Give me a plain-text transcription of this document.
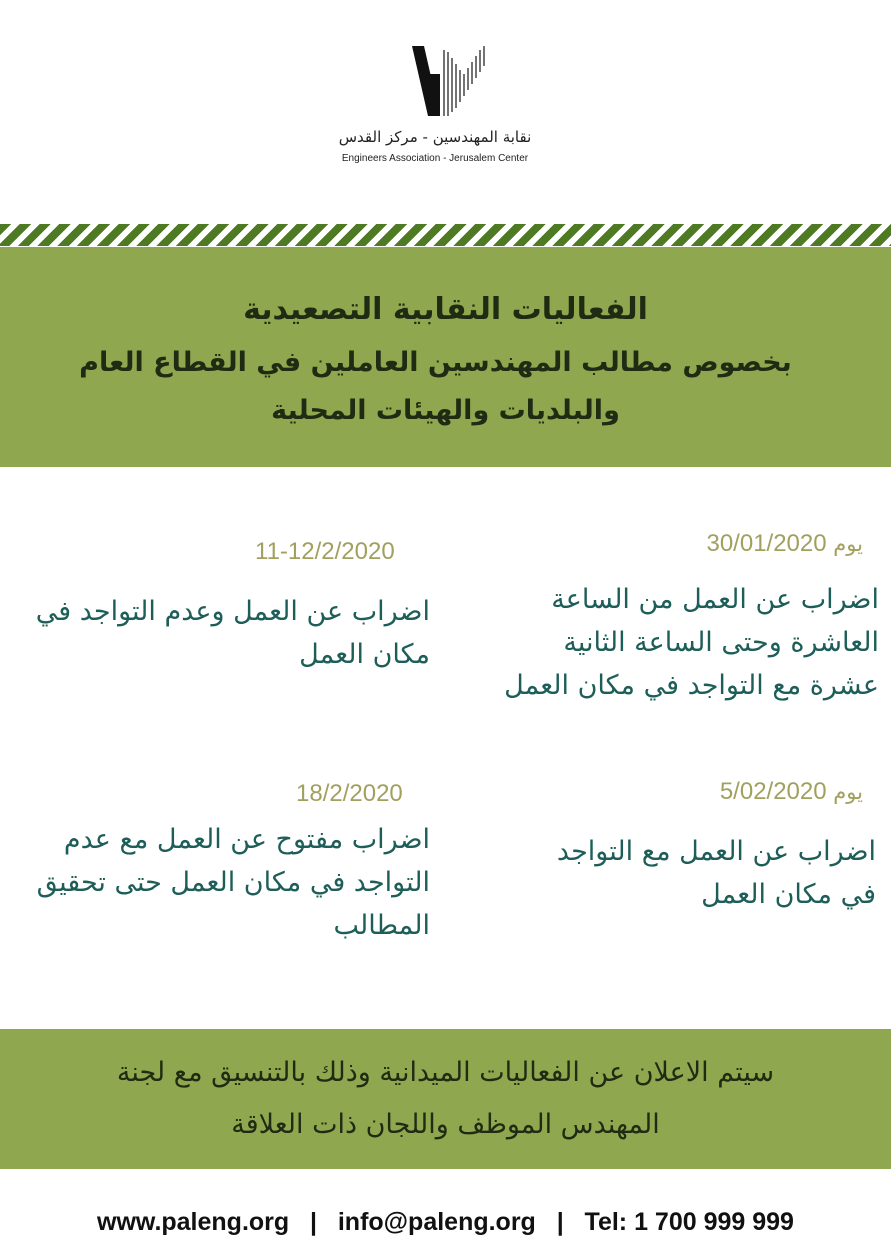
نقابة المهندسين - مركز القدس
Engineers Association - Jerusalem Center
الفعاليات النقابية التصعيدية
بخصوص مطالب المهندسين العاملين في القطاع العام
والبلديات والهيئات المحلية
يوم 30/01/2020
اضراب عن العمل من الساعة العاشرة وحتى الساعة الثانية عشرة مع التواجد في مكان العمل
11-12/2/2020
اضراب عن العمل وعدم التواجد في مكان العمل
يوم 5/02/2020
اضراب عن العمل مع التواجد في مكان العمل
18/2/2020
اضراب مفتوح عن العمل مع عدم التواجد في مكان العمل حتى تحقيق المطالب
سيتم الاعلان عن الفعاليات الميدانية وذلك بالتنسيق مع لجنة
المهندس الموظف واللجان ذات العلاقة
www.paleng.org | info@paleng.org | Tel: 1 700 999 999
